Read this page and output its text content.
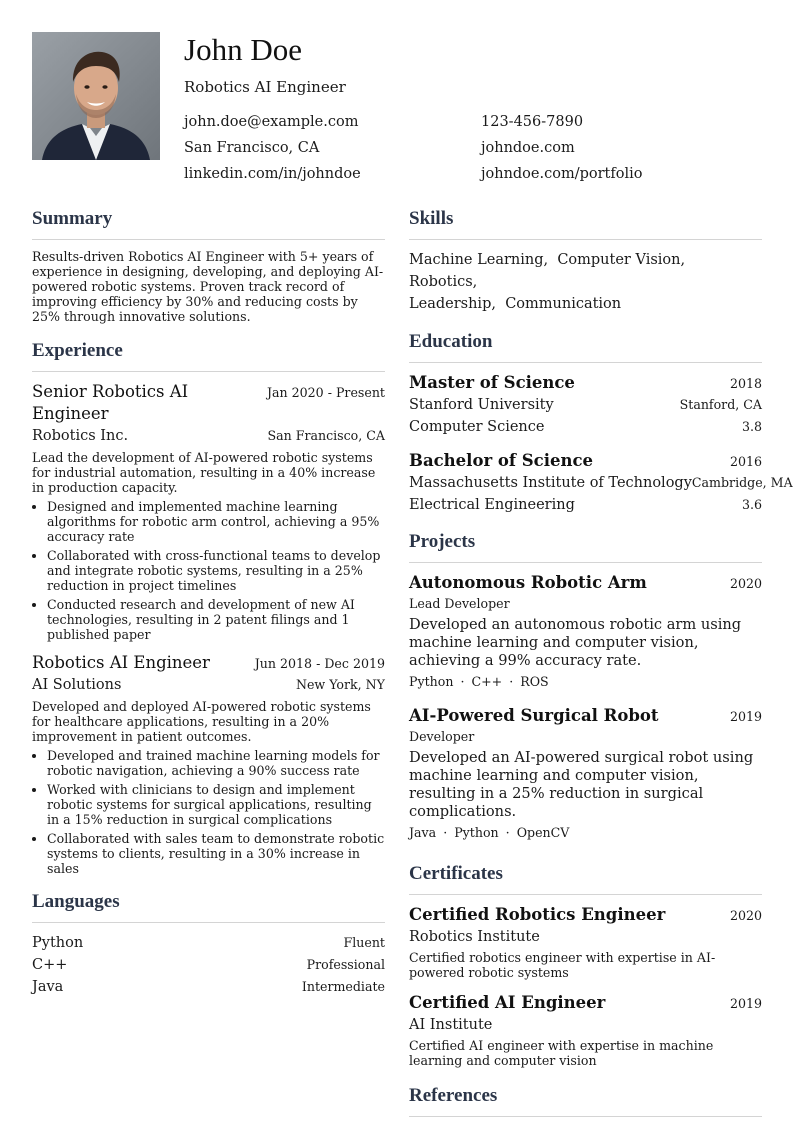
John Doe
Robotics AI Engineer
john.doe@example.com	123-456-7890
San Francisco, CA	johndoe.com
linkedin.com/in/johndoe	johndoe.com/portfolio
Summary
Results-driven Robotics AI Engineer with 5+ years of experience in designing, developing, and deploying AI-powered robotic systems. Proven track record of improving efficiency by 30% and reducing costs by 25% through innovative solutions.
Experience
Senior Robotics AI Engineer
Jan 2020 - Present
Robotics Inc.	San Francisco, CA
Lead the development of AI-powered robotic systems for industrial automation, resulting in a 40% increase in production capacity.
• Designed and implemented machine learning algorithms for robotic arm control, achieving a 95% accuracy rate
• Collaborated with cross-functional teams to develop and integrate robotic systems, resulting in a 25% reduction in project timelines
• Conducted research and development of new AI technologies, resulting in 2 patent filings and 1 published paper
Robotics AI Engineer	Jun 2018 - Dec 2019
AI Solutions	New York, NY
Developed and deployed AI-powered robotic systems for healthcare applications, resulting in a 20% improvement in patient outcomes.
• Developed and trained machine learning models for robotic navigation, achieving a 90% success rate
• Worked with clinicians to design and implement robotic systems for surgical applications, resulting in a 15% reduction in surgical complications
• Collaborated with sales team to demonstrate robotic systems to clients, resulting in a 30% increase in sales
Languages
Python	Fluent
C++	Professional
Java	Intermediate
Skills
Machine Learning, Computer Vision,  Robotics,
Leadership, Communication
Education
Master of Science	2018
Stanford University	Stanford, CA
Computer Science	3.8
Bachelor of Science	2016
Massachusetts Institute of Technology Cambridge, MA
Electrical Engineering	3.6
Projects
Autonomous Robotic Arm	2020
Lead Developer
Developed an autonomous robotic arm using machine learning and computer vision, achieving a 99% accuracy rate.
Python · C++ · ROS
AI-Powered Surgical Robot	2019
Developer
Developed an AI-powered surgical robot using machine learning and computer vision, resulting in a 25% reduction in surgical complications.
Java · Python · OpenCV
Certificates
Certified Robotics Engineer	2020
Robotics Institute
Certified robotics engineer with expertise in AI-powered robotic systems
Certified AI Engineer	2019
AI Institute
Certified AI engineer with expertise in machine learning and computer vision
References
